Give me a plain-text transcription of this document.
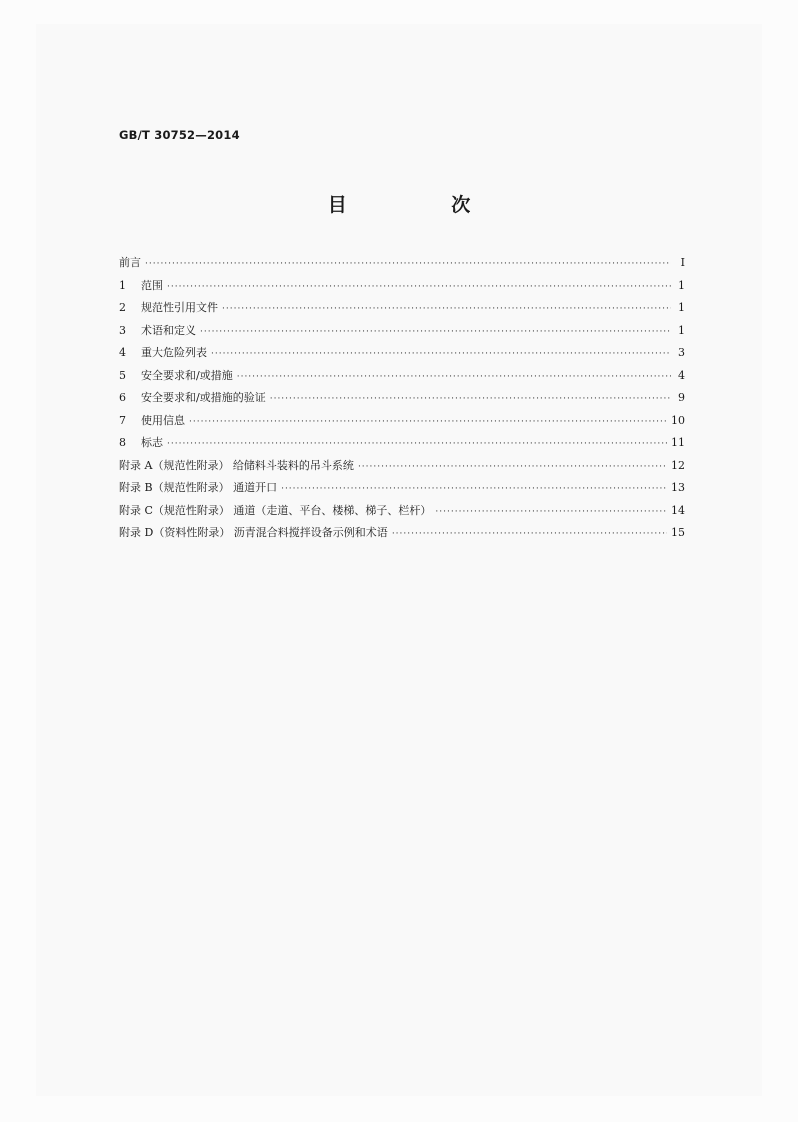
GB/T 30752—2014
目 次
前言 ·····	Ⅰ
1	范围 ·····	1
2	规范性引用文件 ·····	1
3	术语和定义 ·····	1
4	重大危险列表 ·····	3
5	安全要求和/或措施 ·····	4
6	安全要求和/或措施的验证 ·····	9
7	使用信息 ·····	10
8	标志 ·····	11
附录 A（规范性附录） 给储料斗装料的吊斗系统 ·····	12
附录 B（规范性附录） 通道开口 ·····	13
附录 C（规范性附录） 通道（走道、平台、楼梯、梯子、栏杆） ·····	14
附录 D（资料性附录） 沥青混合料搅拌设备示例和术语 ·····	15
